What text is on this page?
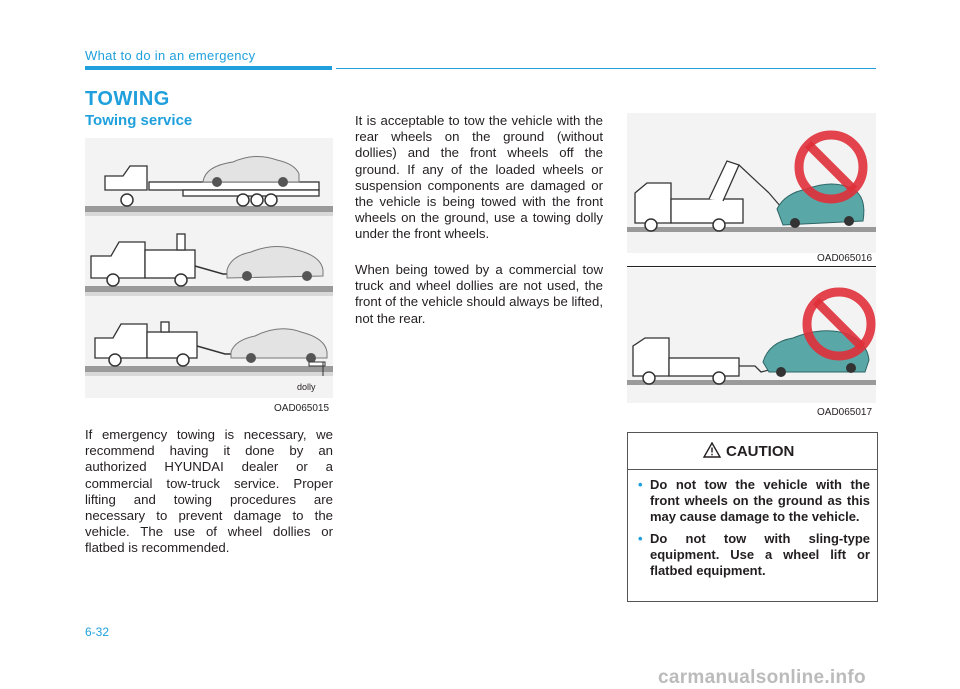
What to do in an emergency
TOWING
Towing service
dolly
OAD065015
OAD065016
OAD065017

If emergency towing is necessary, we recommend having it done by an authorized HYUNDAI dealer or a commercial tow-truck service. Proper lifting and towing procedures are necessary to prevent damage to the vehicle. The use of wheel dollies or flatbed is recommended.

It is acceptable to tow the vehicle with the rear wheels on the ground (without dollies) and the front wheels off the ground. If any of the loaded wheels or suspension components are damaged or the vehicle is being towed with the front wheels on the ground, use a towing dolly under the front wheels.

When being towed by a commercial tow truck and wheel dollies are not used, the front of the vehicle should always be lifted, not the rear.

CAUTION
• Do not tow the vehicle with the front wheels on the ground as this may cause damage to the vehicle.
• Do not tow with sling-type equipment. Use a wheel lift or flatbed equipment.
6-32
carmanualsonline.info
